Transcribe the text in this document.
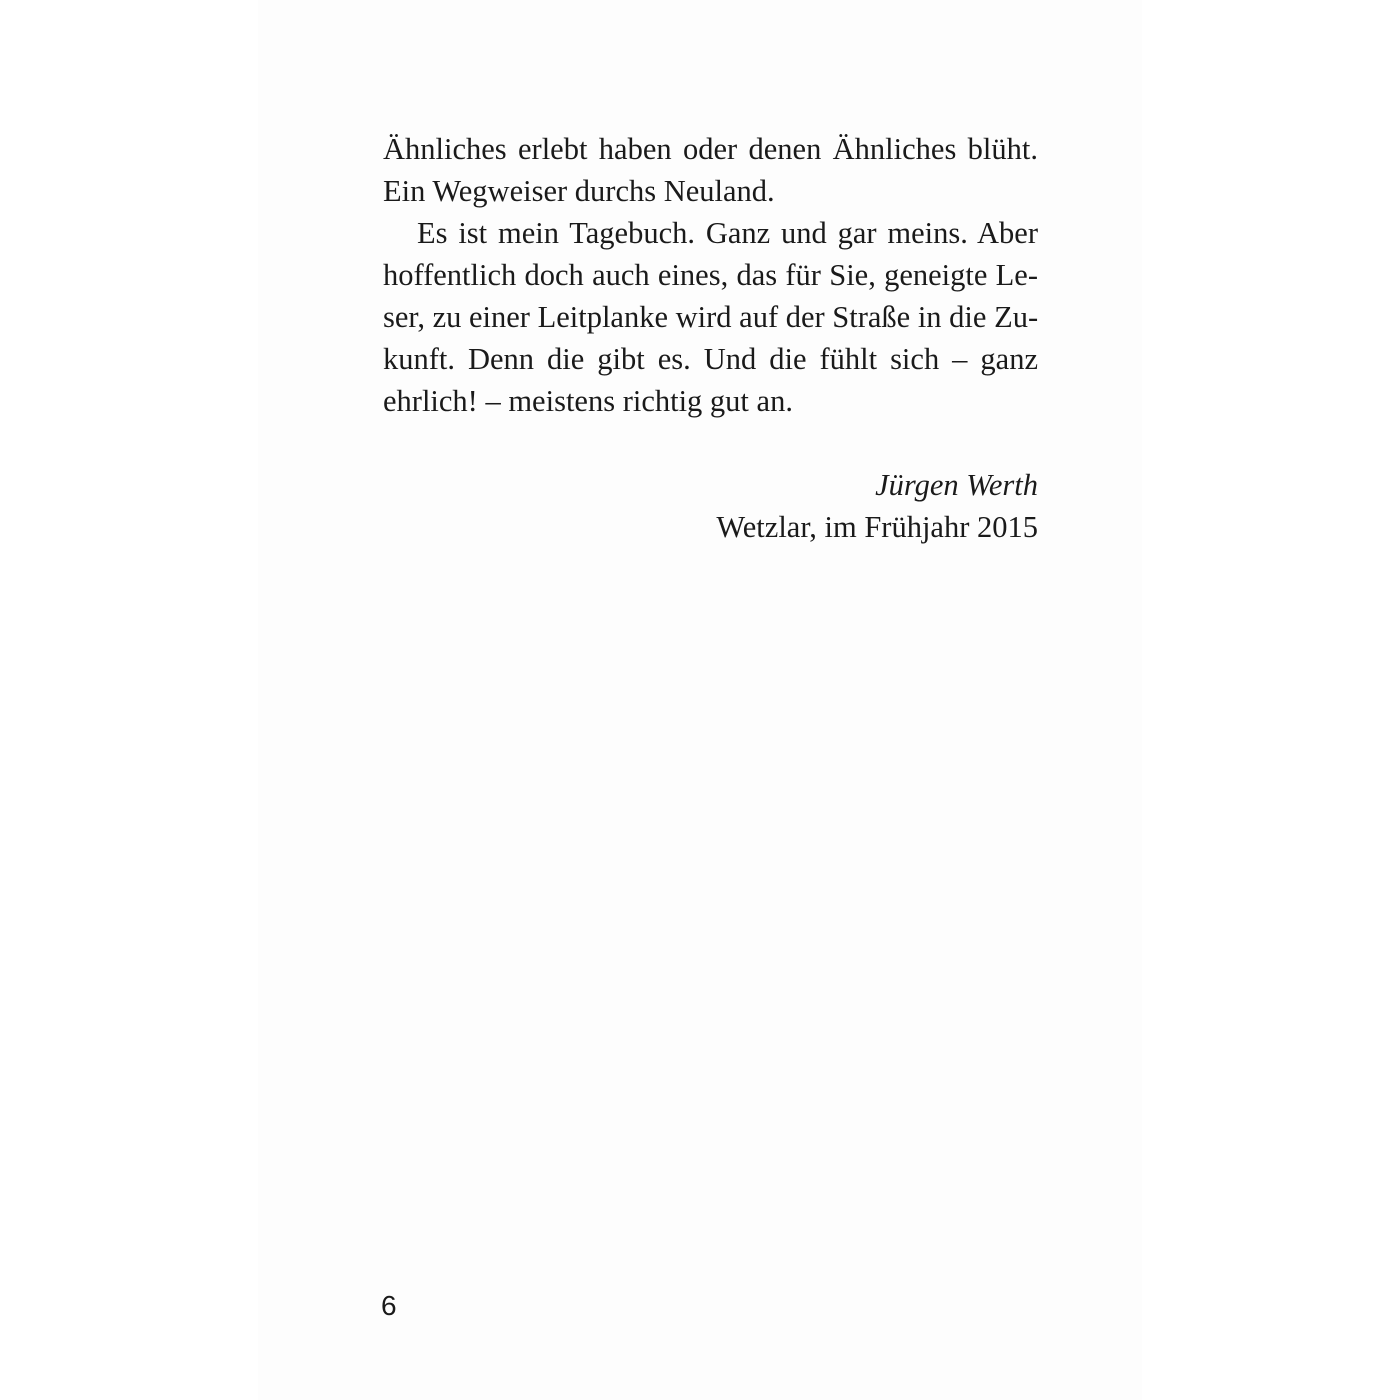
Ähnliches erlebt haben oder denen Ähnliches blüht.
Ein Wegweiser durchs Neuland.
Es ist mein Tagebuch. Ganz und gar meins. Aber
hoffentlich doch auch eines, das für Sie, geneigte Le-
ser, zu einer Leitplanke wird auf der Straße in die Zu-
kunft. Denn die gibt es. Und die fühlt sich – ganz
ehrlich! – meistens richtig gut an.
Jürgen Werth
Wetzlar, im Frühjahr 2015
6
